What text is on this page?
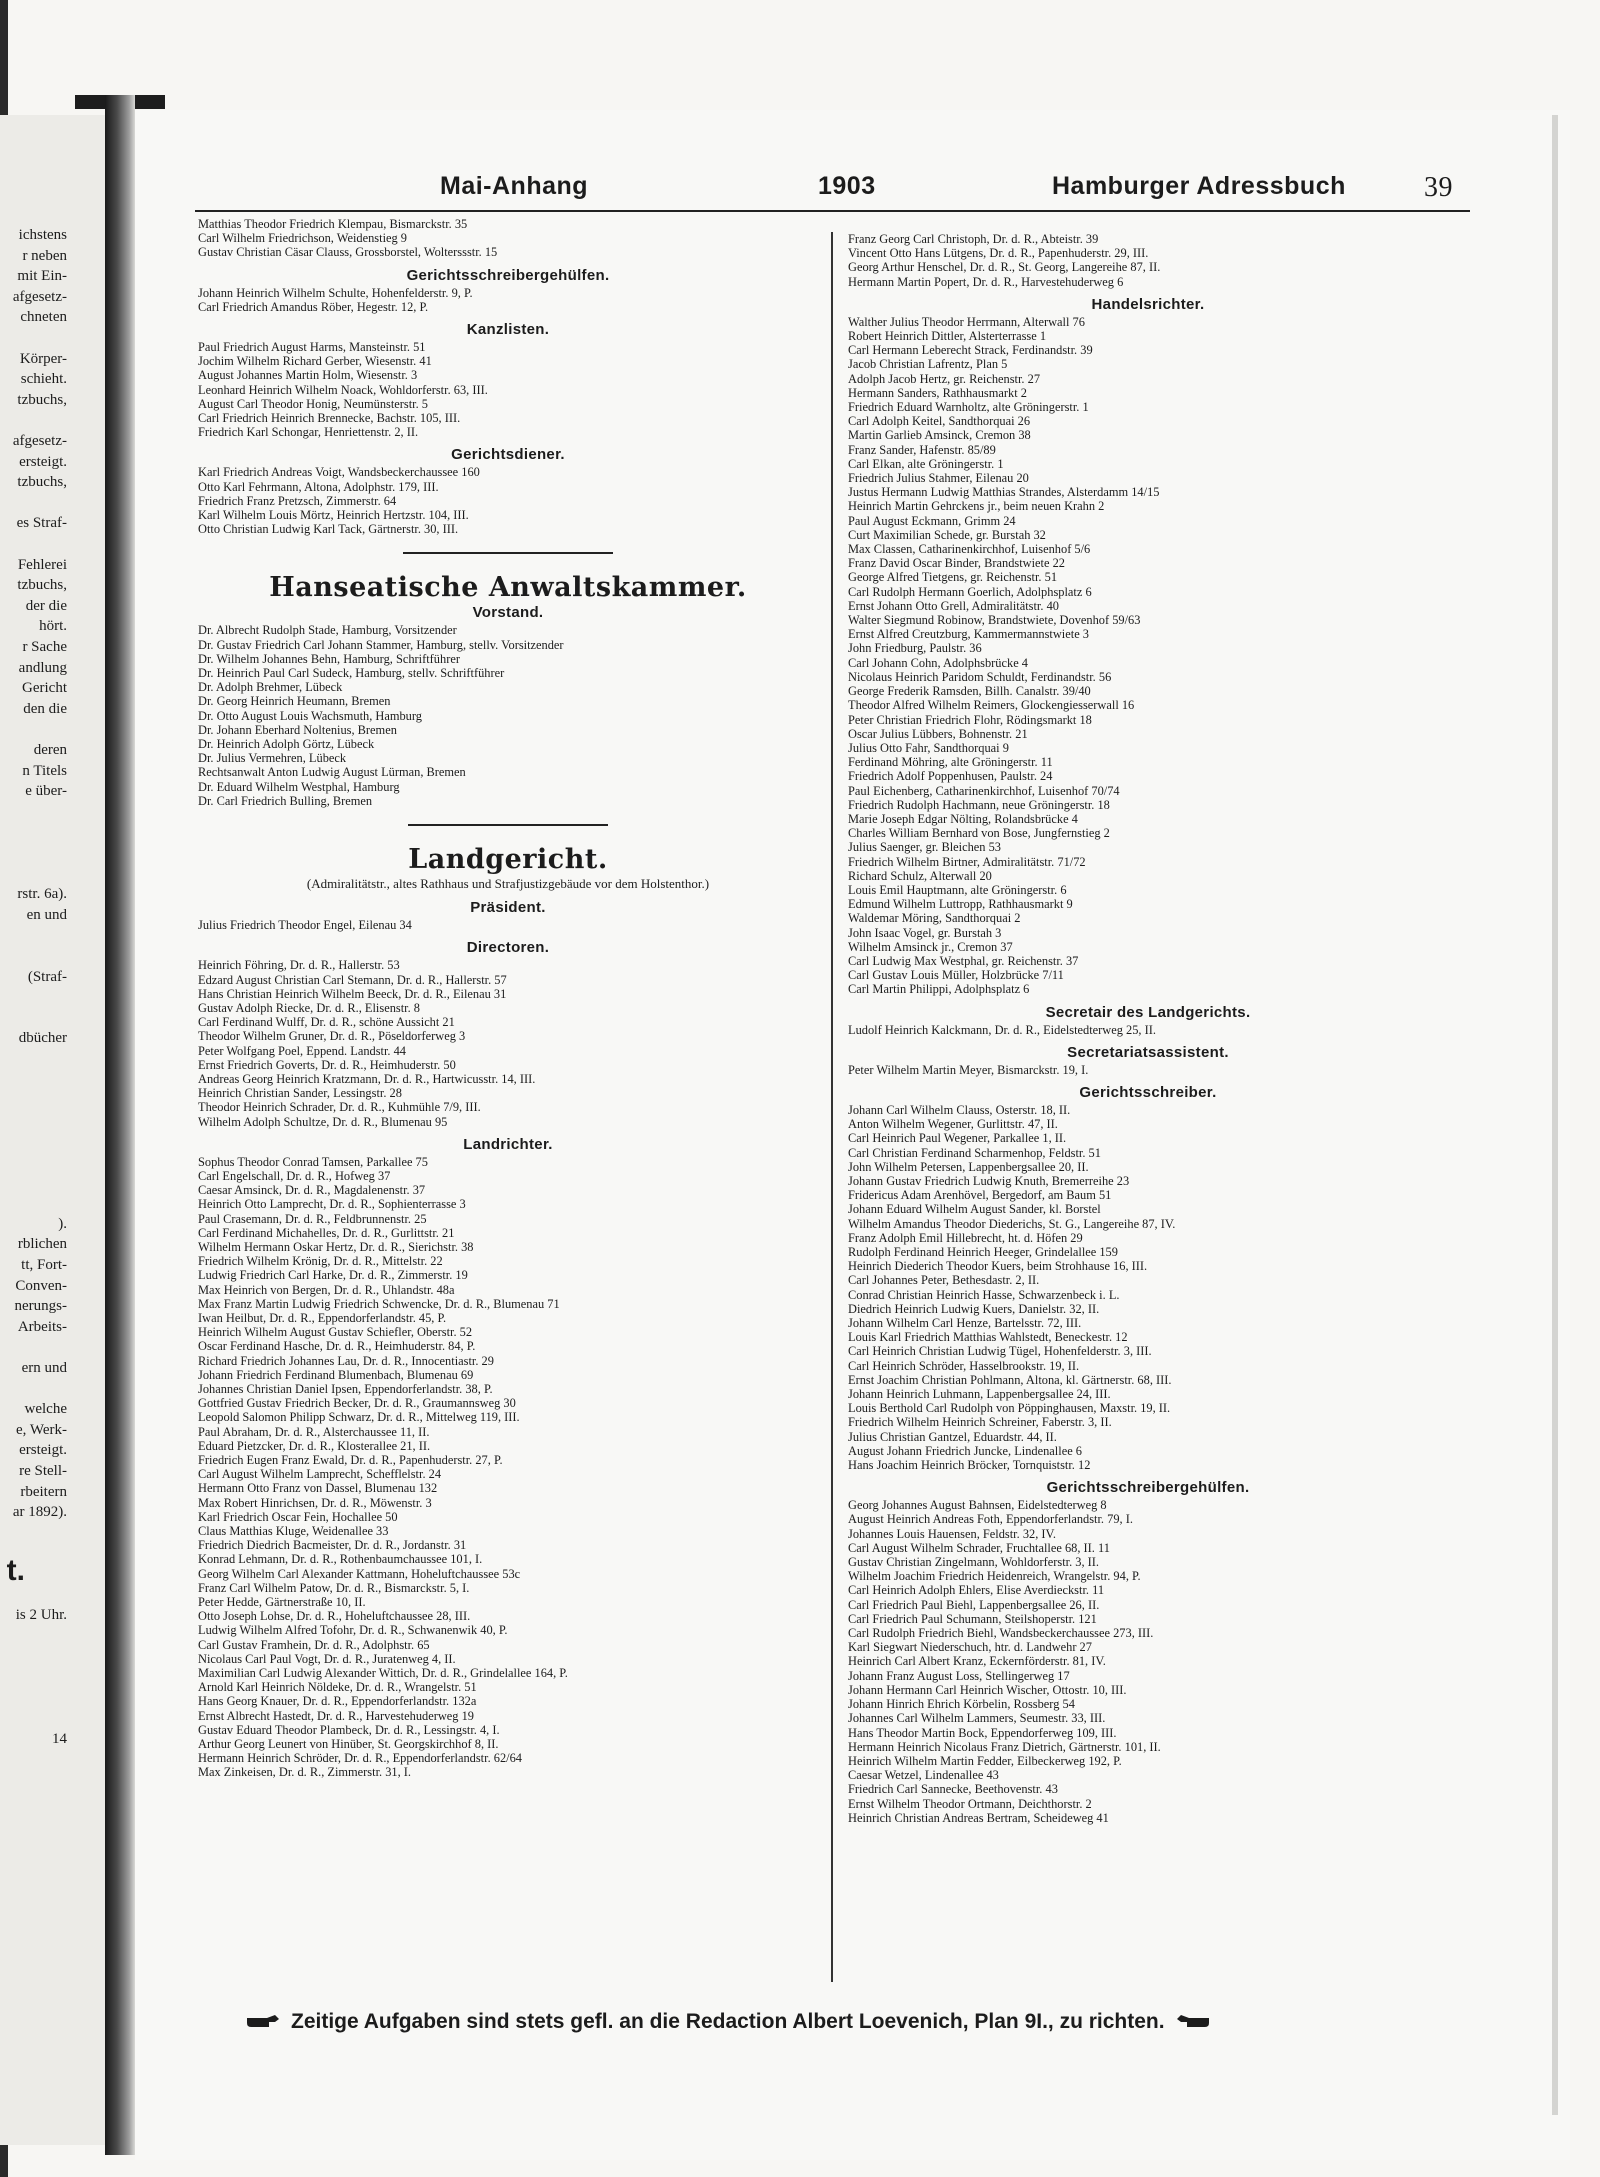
ichstens
r neben
mit Ein-
afgesetz-
chneten
Körper-
schieht.
tzbuchs,
afgesetz-
ersteigt.
tzbuchs,
es Straf-
Fehlerei
tzbuchs,
der die
hört.
r Sache
andlung
Gericht
den die
deren
n Titels
e über-
rstr. 6a).
en und
(Straf-
dbücher
).
rblichen
tt, Fort-
Conven-
nerungs-
Arbeits-
ern und
welche
e, Werk-
ersteigt.
re Stell-
rbeitern
ar 1892).
t.
is 2 Uhr.
14
Mai-Anhang	1903	Hamburger Adressbuch	39
Matthias Theodor Friedrich Klempau, Bismarckstr. 35
Carl Wilhelm Friedrichson, Weidenstieg 9
Gustav Christian Cäsar Clauss, Grossborstel, Wolterssstr. 15
Gerichtsschreibergehülfen.
Johann Heinrich Wilhelm Schulte, Hohenfelderstr. 9, P.
Carl Friedrich Amandus Röber, Hegestr. 12, P.
Kanzlisten.
Paul Friedrich August Harms, Mansteinstr. 51
Jochim Wilhelm Richard Gerber, Wiesenstr. 41
August Johannes Martin Holm, Wiesenstr. 3
Leonhard Heinrich Wilhelm Noack, Wohldorferstr. 63, III.
August Carl Theodor Honig, Neumünsterstr. 5
Carl Friedrich Heinrich Brennecke, Bachstr. 105, III.
Friedrich Karl Schongar, Henriettenstr. 2, II.
Gerichtsdiener.
Karl Friedrich Andreas Voigt, Wandsbeckerchaussee 160
Otto Karl Fehrmann, Altona, Adolphstr. 179, III.
Friedrich Franz Pretzsch, Zimmerstr. 64
Karl Wilhelm Louis Mörtz, Heinrich Hertzstr. 104, III.
Otto Christian Ludwig Karl Tack, Gärtnerstr. 30, III.
Hanseatische Anwaltskammer.
Vorstand.
Dr. Albrecht Rudolph Stade, Hamburg, Vorsitzender
Dr. Gustav Friedrich Carl Johann Stammer, Hamburg, stellv. Vorsitzender
Dr. Wilhelm Johannes Behn, Hamburg, Schriftführer
Dr. Heinrich Paul Carl Sudeck, Hamburg, stellv. Schriftführer
Dr. Adolph Brehmer, Lübeck
Dr. Georg Heinrich Heumann, Bremen
Dr. Otto August Louis Wachsmuth, Hamburg
Dr. Johann Eberhard Noltenius, Bremen
Dr. Heinrich Adolph Görtz, Lübeck
Dr. Julius Vermehren, Lübeck
Rechtsanwalt Anton Ludwig August Lürman, Bremen
Dr. Eduard Wilhelm Westphal, Hamburg
Dr. Carl Friedrich Bulling, Bremen
Landgericht.
(Admiralitätstr., altes Rathhaus und Strafjustizgebäude vor dem Holstenthor.)
Präsident.
Julius Friedrich Theodor Engel, Eilenau 34
Directoren.
Heinrich Föhring, Dr. d. R., Hallerstr. 53
Edzard August Christian Carl Stemann, Dr. d. R., Hallerstr. 57
Hans Christian Heinrich Wilhelm Beeck, Dr. d. R., Eilenau 31
Gustav Adolph Riecke, Dr. d. R., Elisenstr. 8
Carl Ferdinand Wulff, Dr. d. R., schöne Aussicht 21
Theodor Wilhelm Gruner, Dr. d. R., Pöseldorferweg 3
Peter Wolfgang Poel, Eppend. Landstr. 44
Ernst Friedrich Goverts, Dr. d. R., Heimhuderstr. 50
Andreas Georg Heinrich Kratzmann, Dr. d. R., Hartwicusstr. 14, III.
Heinrich Christian Sander, Lessingstr. 28
Theodor Heinrich Schrader, Dr. d. R., Kuhmühle 7/9, III.
Wilhelm Adolph Schultze, Dr. d. R., Blumenau 95
Landrichter.
Sophus Theodor Conrad Tamsen, Parkallee 75
Carl Engelschall, Dr. d. R., Hofweg 37
Caesar Amsinck, Dr. d. R., Magdalenenstr. 37
Heinrich Otto Lamprecht, Dr. d. R., Sophienterrasse 3
Paul Crasemann, Dr. d. R., Feldbrunnenstr. 25
Carl Ferdinand Michahelles, Dr. d. R., Gurlittstr. 21
Wilhelm Hermann Oskar Hertz, Dr. d. R., Sierichstr. 38
Friedrich Wilhelm Krönig, Dr. d. R., Mittelstr. 22
Ludwig Friedrich Carl Harke, Dr. d. R., Zimmerstr. 19
Max Heinrich von Bergen, Dr. d. R., Uhlandstr. 48a
Max Franz Martin Ludwig Friedrich Schwencke, Dr. d. R., Blumenau 71
Iwan Heilbut, Dr. d. R., Eppendorferlandstr. 45, P.
Heinrich Wilhelm August Gustav Schiefler, Oberstr. 52
Oscar Ferdinand Hasche, Dr. d. R., Heimhuderstr. 84, P.
Richard Friedrich Johannes Lau, Dr. d. R., Innocentiastr. 29
Johann Friedrich Ferdinand Blumenbach, Blumenau 69
Johannes Christian Daniel Ipsen, Eppendorferlandstr. 38, P.
Gottfried Gustav Friedrich Becker, Dr. d. R., Graumannsweg 30
Leopold Salomon Philipp Schwarz, Dr. d. R., Mittelweg 119, III.
Paul Abraham, Dr. d. R., Alsterchaussee 11, II.
Eduard Pietzcker, Dr. d. R., Klosterallee 21, II.
Friedrich Eugen Franz Ewald, Dr. d. R., Papenhuderstr. 27, P.
Carl August Wilhelm Lamprecht, Schefflelstr. 24
Hermann Otto Franz von Dassel, Blumenau 132
Max Robert Hinrichsen, Dr. d. R., Möwenstr. 3
Karl Friedrich Oscar Fein, Hochallee 50
Claus Matthias Kluge, Weidenallee 33
Friedrich Diedrich Bacmeister, Dr. d. R., Jordanstr. 31
Konrad Lehmann, Dr. d. R., Rothenbaumchaussee 101, I.
Georg Wilhelm Carl Alexander Kattmann, Hoheluftchaussee 53c
Franz Carl Wilhelm Patow, Dr. d. R., Bismarckstr. 5, I.
Peter Hedde, Gärtnerstraße 10, II.
Otto Joseph Lohse, Dr. d. R., Hoheluftchaussee 28, III.
Ludwig Wilhelm Alfred Tofohr, Dr. d. R., Schwanenwik 40, P.
Carl Gustav Framhein, Dr. d. R., Adolphstr. 65
Nicolaus Carl Paul Vogt, Dr. d. R., Juratenweg 4, II.
Maximilian Carl Ludwig Alexander Wittich, Dr. d. R., Grindelallee 164, P.
Arnold Karl Heinrich Nöldeke, Dr. d. R., Wrangelstr. 51
Hans Georg Knauer, Dr. d. R., Eppendorferlandstr. 132a
Ernst Albrecht Hastedt, Dr. d. R., Harvestehuderweg 19
Gustav Eduard Theodor Plambeck, Dr. d. R., Lessingstr. 4, I.
Arthur Georg Leunert von Hinüber, St. Georgskirchhof 8, II.
Hermann Heinrich Schröder, Dr. d. R., Eppendorferlandstr. 62/64
Max Zinkeisen, Dr. d. R., Zimmerstr. 31, I.
Franz Georg Carl Christoph, Dr. d. R., Abteistr. 39
Vincent Otto Hans Lütgens, Dr. d. R., Papenhuderstr. 29, III.
Georg Arthur Henschel, Dr. d. R., St. Georg, Langereihe 87, II.
Hermann Martin Popert, Dr. d. R., Harvestehuderweg 6
Handelsrichter.
Walther Julius Theodor Herrmann, Alterwall 76
Robert Heinrich Dittler, Alsterterrasse 1
Carl Hermann Leberecht Strack, Ferdinandstr. 39
Jacob Christian Lafrentz, Plan 5
Adolph Jacob Hertz, gr. Reichenstr. 27
Hermann Sanders, Rathhausmarkt 2
Friedrich Eduard Warnholtz, alte Gröningerstr. 1
Carl Adolph Keitel, Sandthorquai 26
Martin Garlieb Amsinck, Cremon 38
Franz Sander, Hafenstr. 85/89
Carl Elkan, alte Gröningerstr. 1
Friedrich Julius Stahmer, Eilenau 20
Justus Hermann Ludwig Matthias Strandes, Alsterdamm 14/15
Heinrich Martin Gehrckens jr., beim neuen Krahn 2
Paul August Eckmann, Grimm 24
Curt Maximilian Schede, gr. Burstah 32
Max Classen, Catharinenkirchhof, Luisenhof 5/6
Franz David Oscar Binder, Brandstwiete 22
George Alfred Tietgens, gr. Reichenstr. 51
Carl Rudolph Hermann Goerlich, Adolphsplatz 6
Ernst Johann Otto Grell, Admiralitätstr. 40
Walter Siegmund Robinow, Brandstwiete, Dovenhof 59/63
Ernst Alfred Creutzburg, Kammermannstwiete 3
John Friedburg, Paulstr. 36
Carl Johann Cohn, Adolphsbrücke 4
Nicolaus Heinrich Paridom Schuldt, Ferdinandstr. 56
George Frederik Ramsden, Billh. Canalstr. 39/40
Theodor Alfred Wilhelm Reimers, Glockengiesserwall 16
Peter Christian Friedrich Flohr, Rödingsmarkt 18
Oscar Julius Lübbers, Bohnenstr. 21
Julius Otto Fahr, Sandthorquai 9
Ferdinand Möhring, alte Gröningerstr. 11
Friedrich Adolf Poppenhusen, Paulstr. 24
Paul Eichenberg, Catharinenkirchhof, Luisenhof 70/74
Friedrich Rudolph Hachmann, neue Gröningerstr. 18
Marie Joseph Edgar Nölting, Rolandsbrücke 4
Charles William Bernhard von Bose, Jungfernstieg 2
Julius Saenger, gr. Bleichen 53
Friedrich Wilhelm Birtner, Admiralitätstr. 71/72
Richard Schulz, Alterwall 20
Louis Emil Hauptmann, alte Gröningerstr. 6
Edmund Wilhelm Luttropp, Rathhausmarkt 9
Waldemar Möring, Sandthorquai 2
John Isaac Vogel, gr. Burstah 3
Wilhelm Amsinck jr., Cremon 37
Carl Ludwig Max Westphal, gr. Reichenstr. 37
Carl Gustav Louis Müller, Holzbrücke 7/11
Carl Martin Philippi, Adolphsplatz 6
Secretair des Landgerichts.
Ludolf Heinrich Kalckmann, Dr. d. R., Eidelstedterweg 25, II.
Secretariatsassistent.
Peter Wilhelm Martin Meyer, Bismarckstr. 19, I.
Gerichtsschreiber.
Johann Carl Wilhelm Clauss, Osterstr. 18, II.
Anton Wilhelm Wegener, Gurlittstr. 47, II.
Carl Heinrich Paul Wegener, Parkallee 1, II.
Carl Christian Ferdinand Scharmenhop, Feldstr. 51
John Wilhelm Petersen, Lappenbergsallee 20, II.
Johann Gustav Friedrich Ludwig Knuth, Bremerreihe 23
Fridericus Adam Arenhövel, Bergedorf, am Baum 51
Johann Eduard Wilhelm August Sander, kl. Borstel
Wilhelm Amandus Theodor Diederichs, St. G., Langereihe 87, IV.
Franz Adolph Emil Hillebrecht, ht. d. Höfen 29
Rudolph Ferdinand Heinrich Heeger, Grindelallee 159
Heinrich Diederich Theodor Kuers, beim Strohhause 16, III.
Carl Johannes Peter, Bethesdastr. 2, II.
Conrad Christian Heinrich Hasse, Schwarzenbeck i. L.
Diedrich Heinrich Ludwig Kuers, Danielstr. 32, II.
Johann Wilhelm Carl Henze, Bartelsstr. 72, III.
Louis Karl Friedrich Matthias Wahlstedt, Beneckestr. 12
Carl Heinrich Christian Ludwig Tügel, Hohenfelderstr. 3, III.
Carl Heinrich Schröder, Hasselbrookstr. 19, II.
Ernst Joachim Christian Pohlmann, Altona, kl. Gärtnerstr. 68, III.
Johann Heinrich Luhmann, Lappenbergsallee 24, III.
Louis Berthold Carl Rudolph von Pöppinghausen, Maxstr. 19, II.
Friedrich Wilhelm Heinrich Schreiner, Faberstr. 3, II.
Julius Christian Gantzel, Eduardstr. 44, II.
August Johann Friedrich Juncke, Lindenallee 6
Hans Joachim Heinrich Bröcker, Tornquiststr. 12
Gerichtsschreibergehülfen.
Georg Johannes August Bahnsen, Eidelstedterweg 8
August Heinrich Andreas Foth, Eppendorferlandstr. 79, I.
Johannes Louis Hauensen, Feldstr. 32, IV.
Carl August Wilhelm Schrader, Fruchtallee 68, II. 11
Gustav Christian Zingelmann, Wohldorferstr. 3, II.
Wilhelm Joachim Friedrich Heidenreich, Wrangelstr. 94, P.
Carl Heinrich Adolph Ehlers, Elise Averdieckstr. 11
Carl Friedrich Paul Biehl, Lappenbergsallee 26, II.
Carl Friedrich Paul Schumann, Steilshoperstr. 121
Carl Rudolph Friedrich Biehl, Wandsbeckerchaussee 273, III.
Karl Siegwart Niederschuch, htr. d. Landwehr 27
Heinrich Carl Albert Kranz, Eckernförderstr. 81, IV.
Johann Franz August Loss, Stellingerweg 17
Johann Hermann Carl Heinrich Wischer, Ottostr. 10, III.
Johann Hinrich Ehrich Körbelin, Rossberg 54
Johannes Carl Wilhelm Lammers, Seumestr. 33, III.
Hans Theodor Martin Bock, Eppendorferweg 109, III.
Hermann Heinrich Nicolaus Franz Dietrich, Gärtnerstr. 101, II.
Heinrich Wilhelm Martin Fedder, Eilbeckerweg 192, P.
Caesar Wetzel, Lindenallee 43
Friedrich Carl Sannecke, Beethovenstr. 43
Ernst Wilhelm Theodor Ortmann, Deichthorstr. 2
Heinrich Christian Andreas Bertram, Scheideweg 41
Zeitige Aufgaben sind stets gefl. an die Redaction Albert Loevenich, Plan 9I., zu richten.
